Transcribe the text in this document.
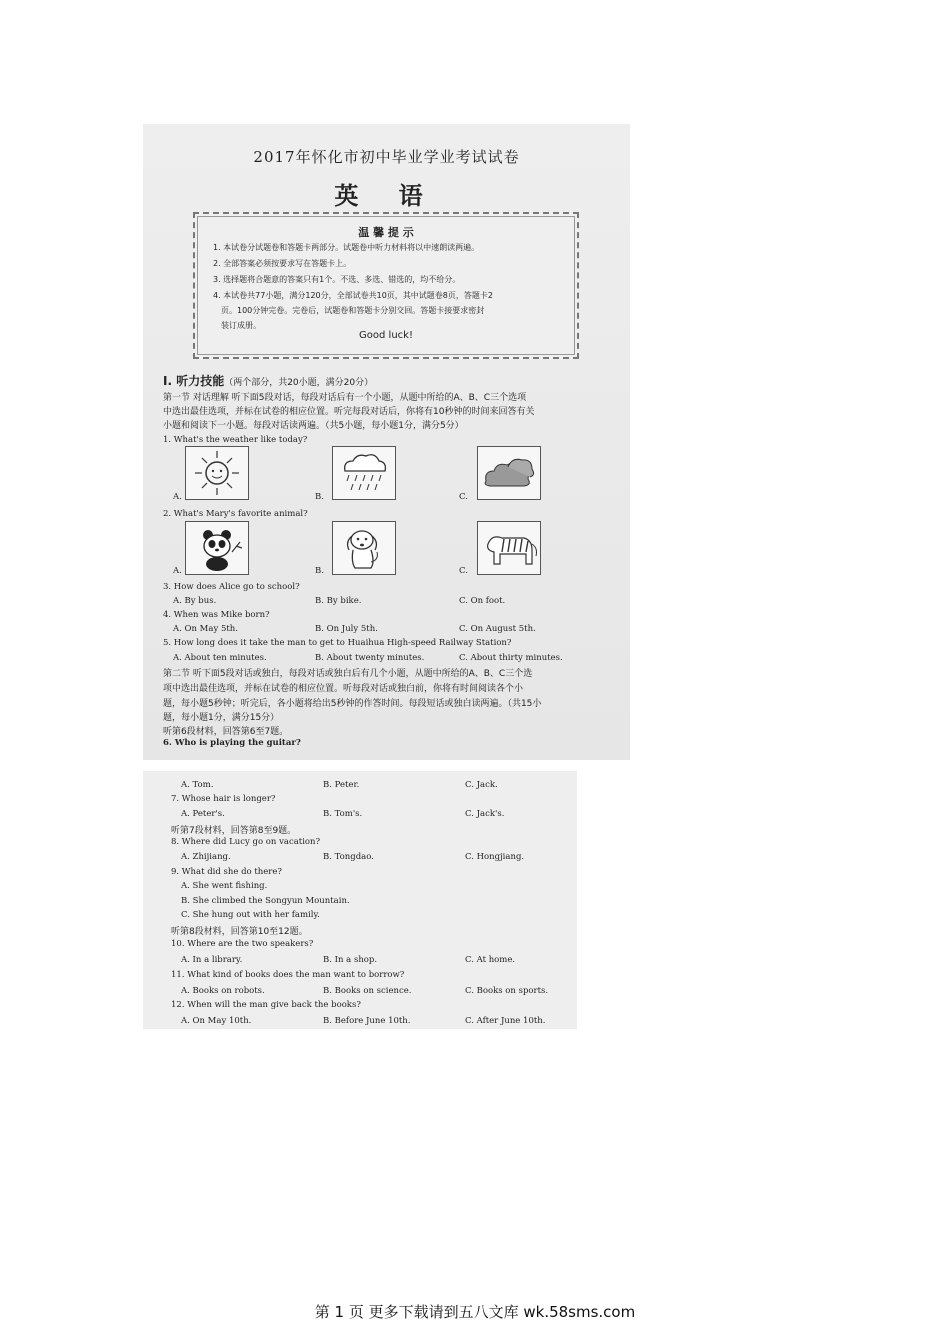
2017年怀化市初中毕业学业考试试卷
英 语
温 馨 提 示
1. 本试卷分试题卷和答题卡两部分。试题卷中听力材料将以中速朗读两遍。
2. 全部答案必须按要求写在答题卡上。
3. 选择题将合题意的答案只有1个。不选、多选、错选的，均不给分。
4. 本试卷共77小题，满分120分，全部试卷共10页，其中试题卷8页，答题卡2
页。100分钟完卷。完卷后，试题卷和答题卡分别交回。答题卡接要求密封
装订成册。
Good luck!
I. 听力技能（两个部分，共20小题，满分20分）
第一节 对话理解 听下面5段对话，每段对话后有一个小题，从题中所给的A、B、C三个选项
中选出最佳选项，并标在试卷的相应位置。听完每段对话后，你将有10秒钟的时间来回答有关
小题和阅读下一小题。每段对话读两遍。（共5小题，每小题1分，满分5分）
1. What's the weather like today?
A.	B.	C.
2. What's Mary's favorite animal?
A.	B.	C.
3. How does Alice go to school?
A. By bus.	B. By bike.	C. On foot.
4. When was Mike born?
A. On May 5th.	B. On July 5th.	C. On August 5th.
5. How long does it take the man to get to Huaihua High-speed Railway Station?
A. About ten minutes.	B. About twenty minutes.	C. About thirty minutes.
第二节 听下面5段对话或独白，每段对话或独白后有几个小题，从题中所给的A、B、C三个选
项中选出最佳选项，并标在试卷的相应位置。听每段对话或独白前，你将有时间阅读各个小
题，每小题5秒钟；听完后，各小题将给出5秒钟的作答时间。每段短话或独白读两遍。（共15小
题，每小题1分，满分15分）
听第6段材料，回答第6至7题。
6. Who is playing the guitar?
A. Tom.	B. Peter.	C. Jack.
7. Whose hair is longer?
A. Peter's.	B. Tom's.	C. Jack's.
听第7段材料，回答第8至9题。
8. Where did Lucy go on vacation?
A. Zhijiang.	B. Tongdao.	C. Hongjiang.
9. What did she do there?
A. She went fishing.
B. She climbed the Songyun Mountain.
C. She hung out with her family.
听第8段材料，回答第10至12题。
10. Where are the two speakers?
A. In a library.	B. In a shop.	C. At home.
11. What kind of books does the man want to borrow?
A. Books on robots.	B. Books on science.	C. Books on sports.
12. When will the man give back the books?
A. On May 10th.	B. Before June 10th.	C. After June 10th.
第 1 页 更多下载请到五八文库 wk.58sms.com
